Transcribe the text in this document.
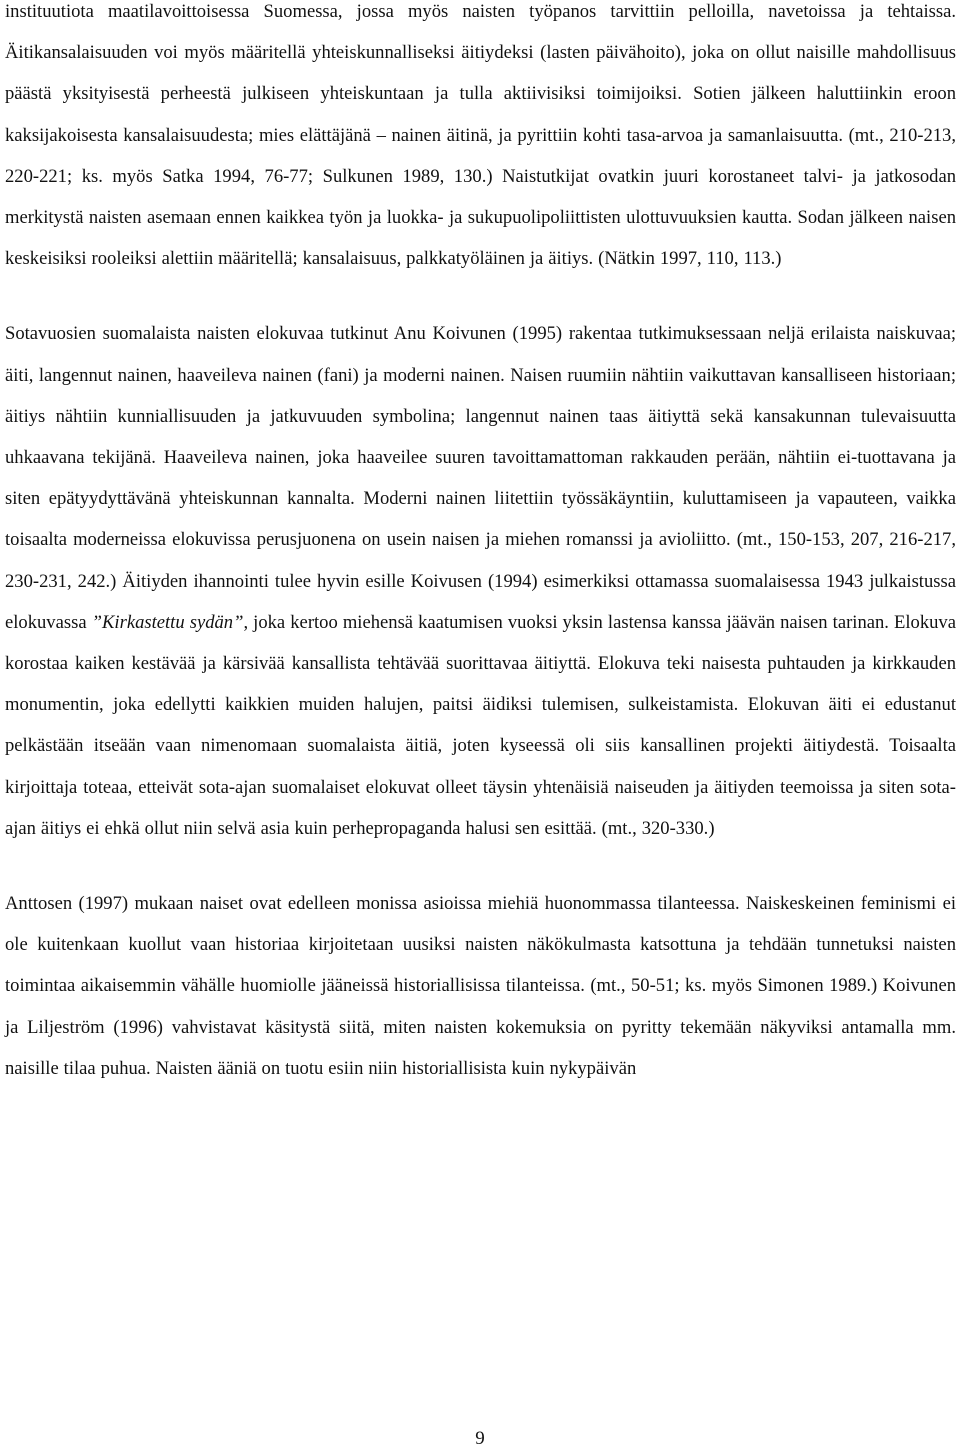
instituutiota maatilavoittoisessa Suomessa, jossa myös naisten työpanos tarvittiin pelloilla, navetoissa ja tehtaissa. Äitikansalaisuuden voi myös määritellä yhteiskunnalliseksi äitiydeksi (lasten päivähoito), joka on ollut naisille mahdollisuus päästä yksityisestä perheestä julkiseen yhteiskuntaan ja tulla aktiivisiksi toimijoiksi. Sotien jälkeen haluttiinkin eroon kaksijakoisesta kansalaisuudesta; mies elättäjänä – nainen äitinä, ja pyrittiin kohti tasa-arvoa ja samanlaisuutta. (mt., 210-213, 220-221; ks. myös Satka 1994, 76-77; Sulkunen 1989, 130.) Naistutkijat ovatkin juuri korostaneet talvi- ja jatkosodan merkitystä naisten asemaan ennen kaikkea työn ja luokka- ja sukupuolipoliittisten ulottuvuuksien kautta. Sodan jälkeen naisen keskeisiksi rooleiksi alettiin määritellä; kansalaisuus, palkkatyöläinen ja äitiys. (Nätkin 1997, 110, 113.)

Sotavuosien suomalaista naisten elokuvaa tutkinut Anu Koivunen (1995) rakentaa tutkimuksessaan neljä erilaista naiskuvaa; äiti, langennut nainen, haaveileva nainen (fani) ja moderni nainen. Naisen ruumiin nähtiin vaikuttavan kansalliseen historiaan; äitiys nähtiin kunniallisuuden ja jatkuvuuden symbolina; langennut nainen taas äitiyttä sekä kansakunnan tulevaisuutta uhkaavana tekijänä. Haaveileva nainen, joka haaveilee suuren tavoittamattoman rakkauden perään, nähtiin ei-tuottavana ja siten epätyydyttävänä yhteiskunnan kannalta. Moderni nainen liitettiin työssäkäyntiin, kuluttamiseen ja vapauteen, vaikka toisaalta moderneissa elokuvissa perusjuonena on usein naisen ja miehen romanssi ja avioliitto. (mt., 150-153, 207, 216-217, 230-231, 242.) Äitiyden ihannointi tulee hyvin esille Koivusen (1994) esimerkiksi ottamassa suomalaisessa 1943 julkaistussa elokuvassa ”Kirkastettu sydän”, joka kertoo miehensä kaatumisen vuoksi yksin lastensa kanssa jäävän naisen tarinan. Elokuva korostaa kaiken kestävää ja kärsivää kansallista tehtävää suorittavaa äitiyttä. Elokuva teki naisesta puhtauden ja kirkkauden monumentin, joka edellytti kaikkien muiden halujen, paitsi äidiksi tulemisen, sulkeistamista. Elokuvan äiti ei edustanut pelkästään itseään vaan nimenomaan suomalaista äitiä, joten kyseessä oli siis kansallinen projekti äitiydestä. Toisaalta kirjoittaja toteaa, etteivät sota-ajan suomalaiset elokuvat olleet täysin yhtenäisiä naiseuden ja äitiyden teemoissa ja siten sota-ajan äitiys ei ehkä ollut niin selvä asia kuin perhepropaganda halusi sen esittää. (mt., 320-330.)

Anttosen (1997) mukaan naiset ovat edelleen monissa asioissa miehiä huonommassa tilanteessa. Naiskeskeinen feminismi ei ole kuitenkaan kuollut vaan historiaa kirjoitetaan uusiksi naisten näkökulmasta katsottuna ja tehdään tunnetuksi naisten toimintaa aikaisemmin vähälle huomiolle jääneissä historiallisissa tilanteissa. (mt., 50-51; ks. myös Simonen 1989.) Koivunen ja Liljeström (1996) vahvistavat käsitystä siitä, miten naisten kokemuksia on pyritty tekemään näkyviksi antamalla mm. naisille tilaa puhua. Naisten ääniä on tuotu esiin niin historiallisista kuin nykypäivän

9
